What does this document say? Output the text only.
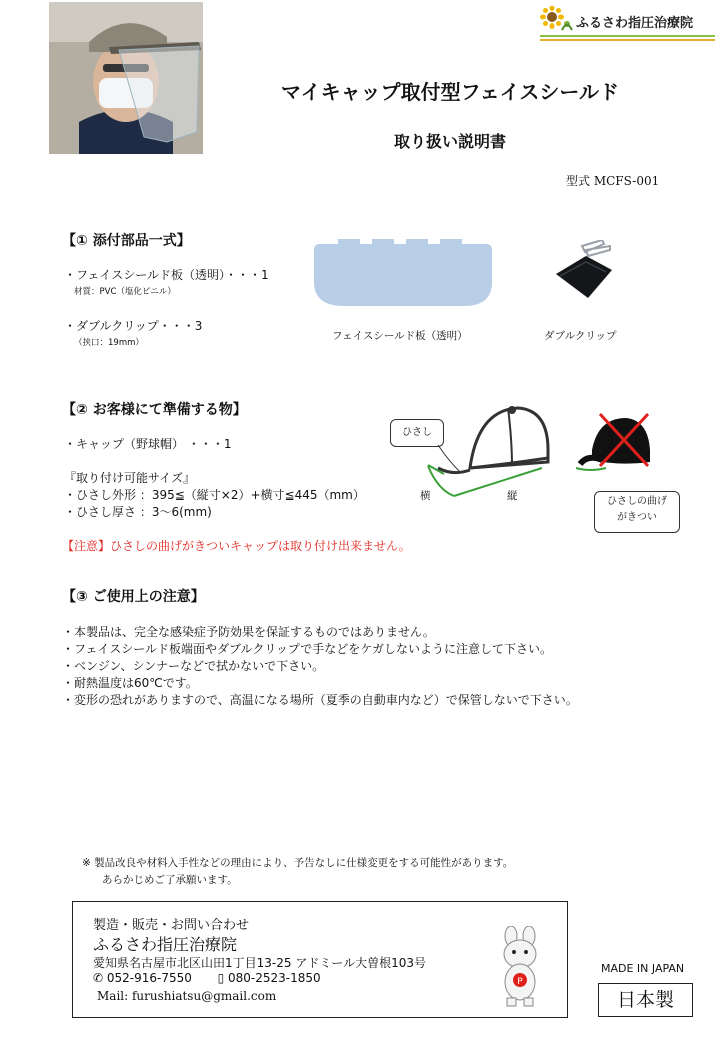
ふるさわ指圧治療院
マイキャップ取付型フェイスシールド
取り扱い説明書
型式 MCFS-001
【① 添付部品一式】
・フェイスシールド板（透明）・・・1
材質：PVC（塩化ビニル）
・ダブルクリップ・・・3
（挟口：19mm）
フェイスシールド板（透明）	ダブルクリップ
【② お客様にて準備する物】
・キャップ（野球帽） ・・・1
『取り付け可能サイズ』
・ひさし外形 ：395≦（縦寸×2）+横寸≦445（mm）
・ひさし厚さ ：3～6(mm)
【注意】ひさしの曲げがきついキャップは取り付け出来ません。
ひさし
横	縦	ひさしの曲げ
がきつい
【③ ご使用上の注意】
・本製品は、完全な感染症予防効果を保証するものではありません。
・フェイスシールド板端面やダブルクリップで手などをケガしないように注意して下さい。
・ベンジン、シンナーなどで拭かないで下さい。
・耐熱温度は60℃です。
・変形の恐れがありますので、高温になる場所（夏季の自動車内など）で保管しないで下さい。
※ 製品改良や材料入手性などの理由により、予告なしに仕様変更をする可能性があります。
あらかじめご了承願います。
製造・販売・お問い合わせ
ふるさわ指圧治療院
愛知県名古屋市北区山田1丁目13-25 アドミール大曽根103号
✆ 052-916-7550 ▯ 080-2523-1850
Mail: furushiatsu@gmail.com
P
MADE IN JAPAN
日本製
